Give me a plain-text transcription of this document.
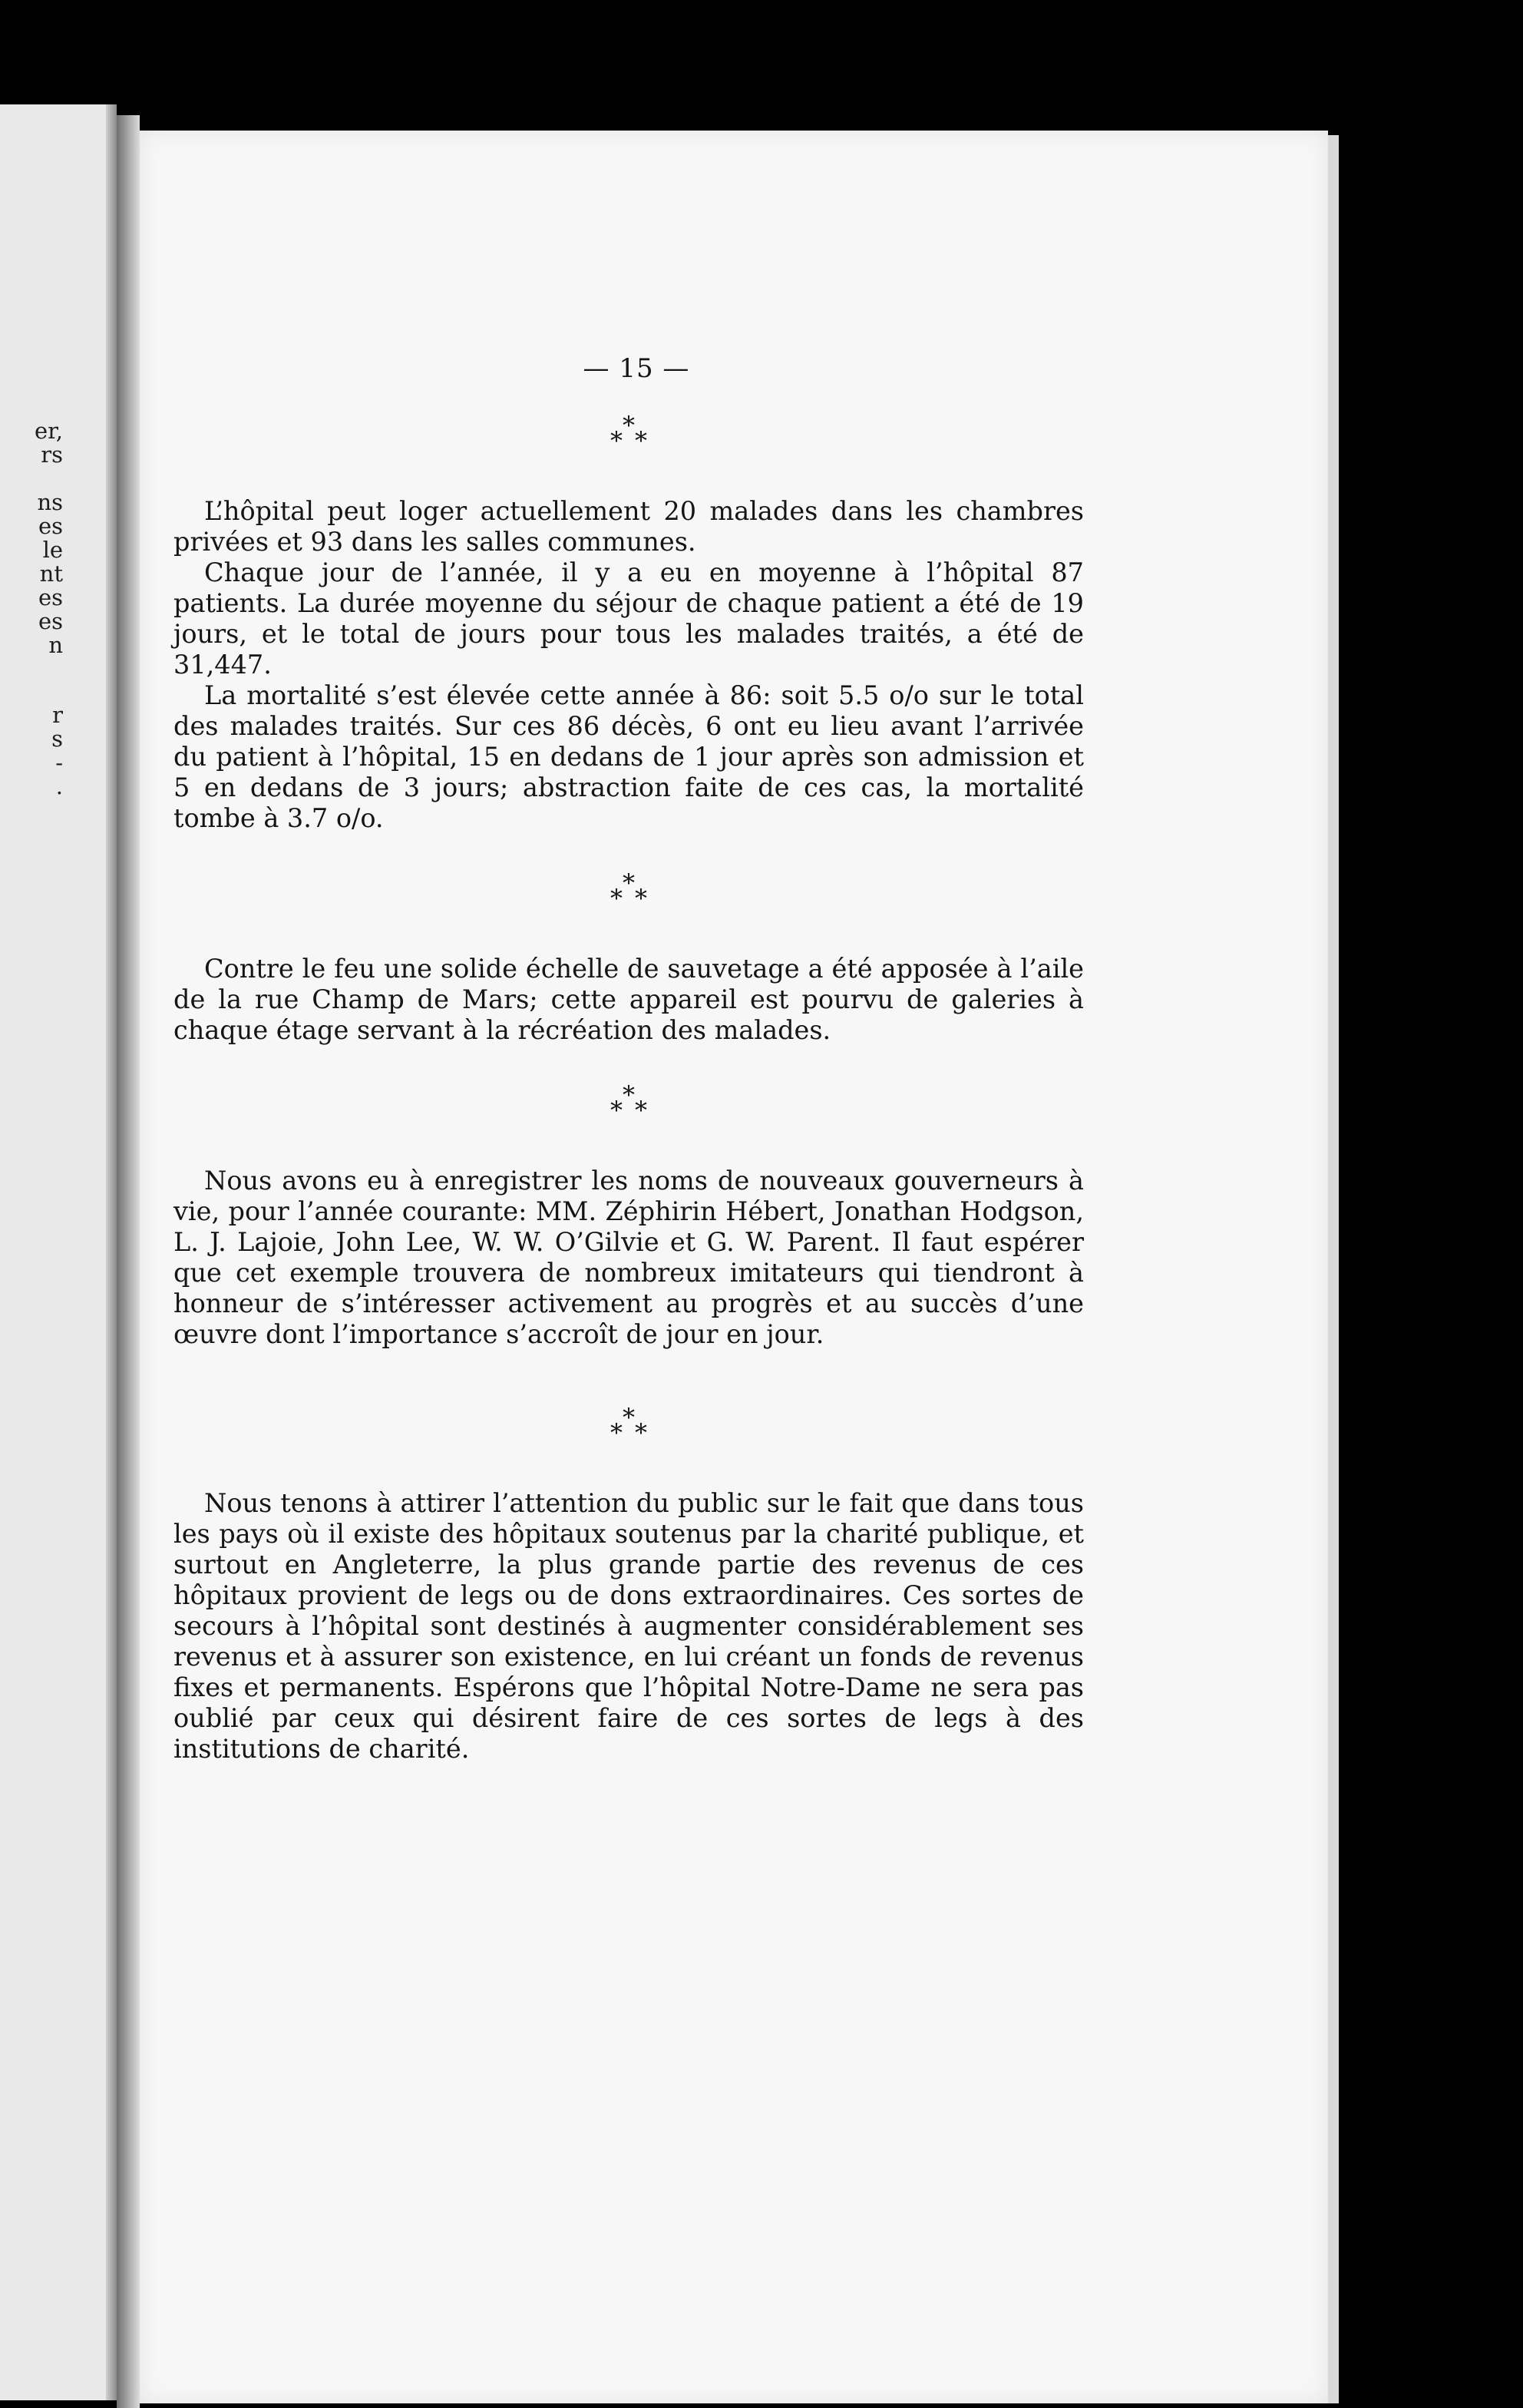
er,
rs
ns
es
le
nt
es
es
n
r
s
-
.
— 15 —
*
* *

L’hôpital peut loger actuellement 20 malades dans les chambres privées et 93 dans les salles communes.

Chaque jour de l’année, il y a eu en moyenne à l’hôpital 87 patients. La durée moyenne du séjour de chaque patient a été de 19 jours, et le total de jours pour tous les malades traités, a été de 31,447.

La mortalité s’est élevée cette année à 86: soit 5.5 o/o sur le total des malades traités. Sur ces 86 décès, 6 ont eu lieu avant l’arrivée du patient à l’hôpital, 15 en dedans de 1 jour après son admission et 5 en dedans de 3 jours; abstraction faite de ces cas, la mortalité tombe à 3.7 o/o.

*
* *

Contre le feu une solide échelle de sauvetage a été apposée à l’aile de la rue Champ de Mars; cette appareil est pourvu de galeries à chaque étage servant à la récréation des malades.

*
* *

Nous avons eu à enregistrer les noms de nouveaux gouverneurs à vie, pour l’année courante: MM. Zéphirin Hébert, Jonathan Hodgson, L. J. Lajoie, John Lee, W. W. O’Gilvie et G. W. Parent. Il faut espérer que cet exemple trouvera de nombreux imitateurs qui tiendront à honneur de s’intéresser activement au progrès et au succès d’une œuvre dont l’importance s’accroît de jour en jour.

*
* *

Nous tenons à attirer l’attention du public sur le fait que dans tous les pays où il existe des hôpitaux soutenus par la charité publique, et surtout en Angleterre, la plus grande partie des revenus de ces hôpitaux provient de legs ou de dons extraordinaires. Ces sortes de secours à l’hôpital sont destinés à augmenter considérablement ses revenus et à assurer son existence, en lui créant un fonds de revenus fixes et permanents. Espérons que l’hôpital Notre-Dame ne sera pas oublié par ceux qui désirent faire de ces sortes de legs à des institutions de charité.
